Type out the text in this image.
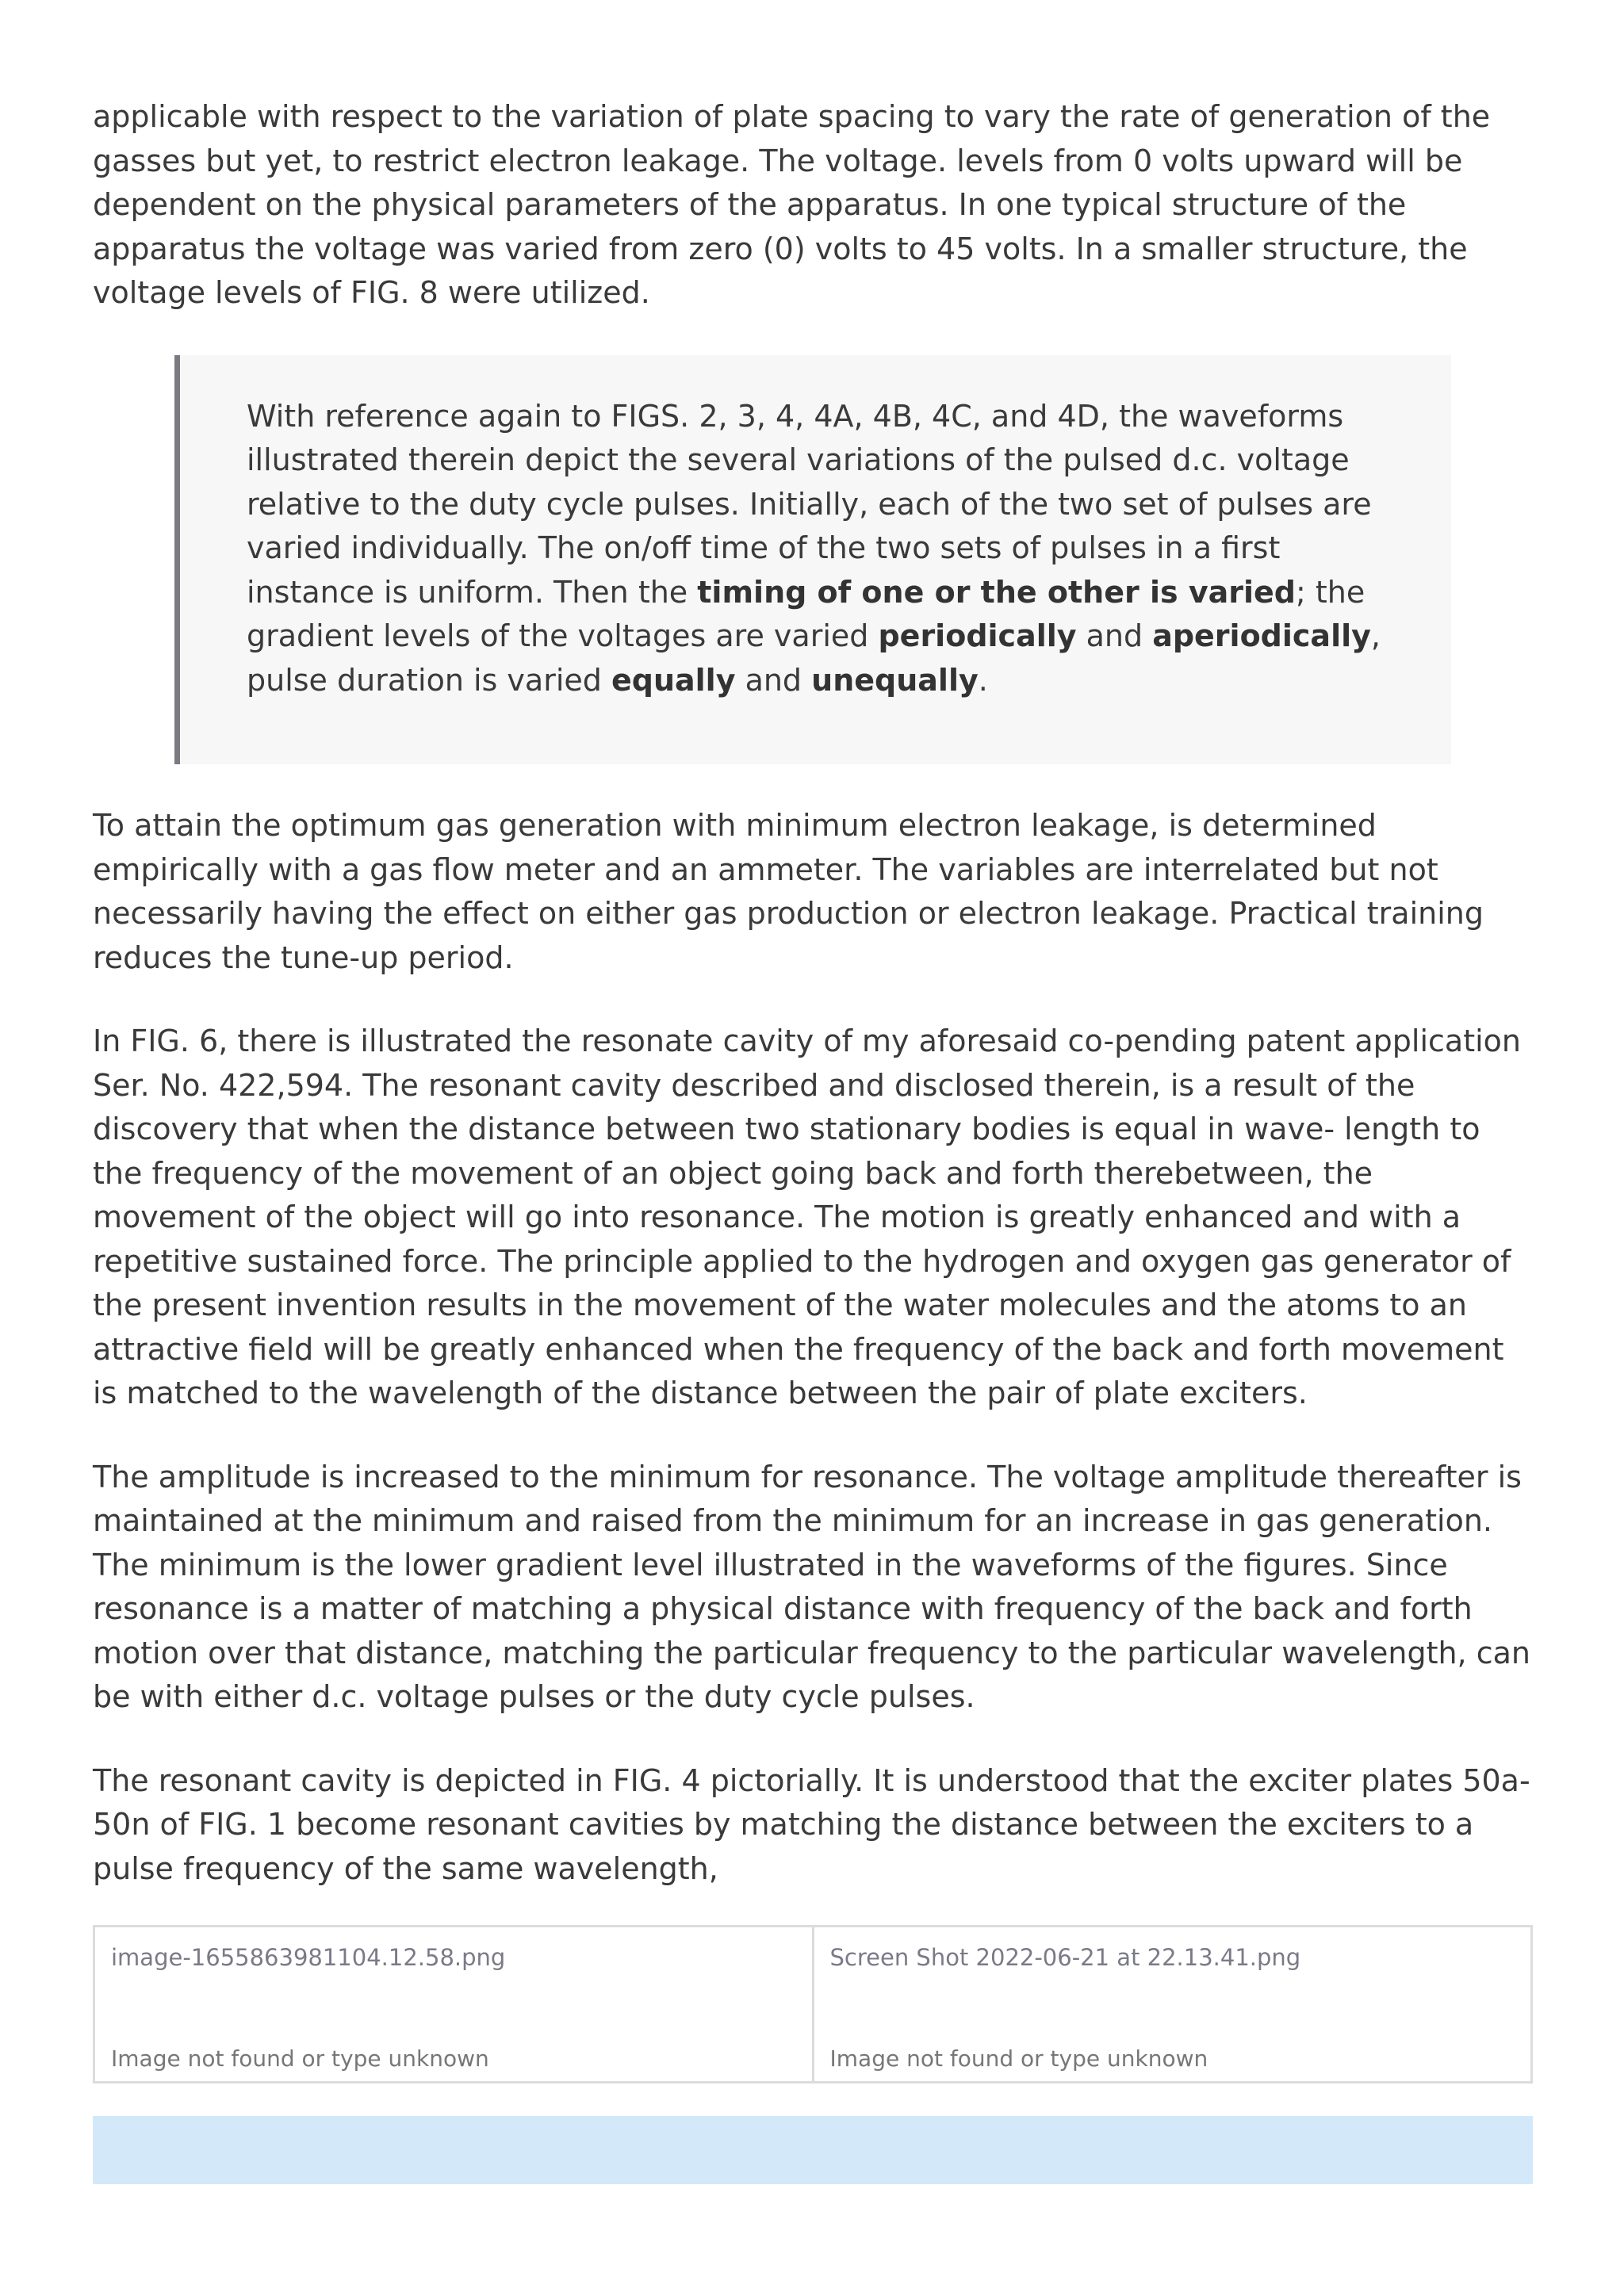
applicable with respect to the variation of plate spacing to vary the rate of generation of the gasses but yet, to restrict electron leakage. The voltage. levels from 0 volts upward will be dependent on the physical parameters of the apparatus. In one typical structure of the apparatus the voltage was varied from zero (0) volts to 45 volts. In a smaller structure, the voltage levels of FIG. 8 were utilized.

With reference again to FIGS. 2, 3, 4, 4A, 4B, 4C, and 4D, the waveforms illustrated therein depict the several variations of the pulsed d.c. voltage relative to the duty cycle pulses. Initially, each of the two set of pulses are varied individually. The on/off time of the two sets of pulses in a first instance is uniform. Then the timing of one or the other is varied; the gradient levels of the voltages are varied periodically and aperiodically, pulse duration is varied equally and unequally.

To attain the optimum gas generation with minimum electron leakage, is determined empirically with a gas flow meter and an ammeter. The variables are interrelated but not necessarily having the effect on either gas production or electron leakage. Practical training reduces the tune-up period.

In FIG. 6, there is illustrated the resonate cavity of my aforesaid co-pending patent application Ser. No. 422,594. The resonant cavity described and disclosed therein, is a result of the discovery that when the distance between two stationary bodies is equal in wave- length to the frequency of the movement of an object going back and forth therebetween, the movement of the object will go into resonance. The motion is greatly enhanced and with a repetitive sustained force. The principle applied to the hydrogen and oxygen gas generator of the present invention results in the movement of the water molecules and the atoms to an attractive field will be greatly enhanced when the frequency of the back and forth movement is matched to the wavelength of the distance between the pair of plate exciters.

The amplitude is increased to the minimum for resonance. The voltage amplitude thereafter is maintained at the minimum and raised from the minimum for an increase in gas generation. The minimum is the lower gradient level illustrated in the waveforms of the figures. Since resonance is a matter of matching a physical distance with frequency of the back and forth motion over that distance, matching the particular frequency to the particular wavelength, can be with either d.c. voltage pulses or the duty cycle pulses.

The resonant cavity is depicted in FIG. 4 pictorially. It is understood that the exciter plates 50a-50n of FIG. 1 become resonant cavities by matching the distance between the exciters to a pulse frequency of the same wavelength,

image-1655863981104.12.58.png
Image not found or type unknown
Screen Shot 2022-06-21 at 22.13.41.png
Image not found or type unknown
